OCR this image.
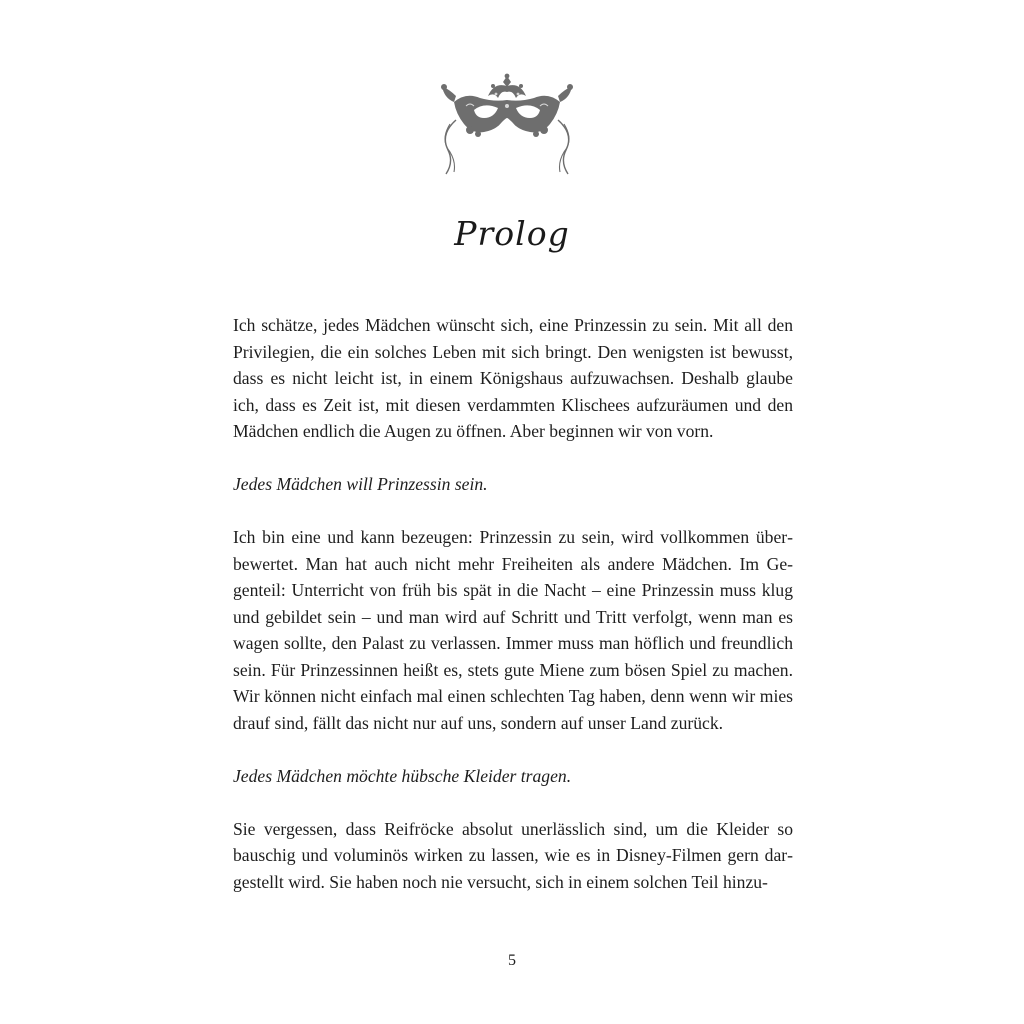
Prolog

Ich schätze, jedes Mädchen wünscht sich, eine Prinzessin zu sein. Mit all den Privilegien, die ein solches Leben mit sich bringt. Den wenigsten ist bewusst, dass es nicht leicht ist, in einem Königshaus aufzuwachsen. Deshalb glaube ich, dass es Zeit ist, mit diesen verdammten Klischees aufzuräumen und den Mädchen endlich die Augen zu öffnen. Aber beginnen wir von vorn.

Jedes Mädchen will Prinzessin sein.

Ich bin eine und kann bezeugen: Prinzessin zu sein, wird vollkommen überbewertet. Man hat auch nicht mehr Freiheiten als andere Mädchen. Im Gegenteil: Unterricht von früh bis spät in die Nacht – eine Prinzessin muss klug und gebildet sein – und man wird auf Schritt und Tritt verfolgt, wenn man es wagen sollte, den Palast zu verlassen. Immer muss man höflich und freundlich sein. Für Prinzessinnen heißt es, stets gute Miene zum bösen Spiel zu machen. Wir können nicht einfach mal einen schlechten Tag haben, denn wenn wir mies drauf sind, fällt das nicht nur auf uns, sondern auf unser Land zurück.

Jedes Mädchen möchte hübsche Kleider tragen.

Sie vergessen, dass Reifröcke absolut unerlässlich sind, um die Kleider so bauschig und voluminös wirken zu lassen, wie es in Disney-Filmen gern dargestellt wird. Sie haben noch nie versucht, sich in einem solchen Teil hinzu-

5
